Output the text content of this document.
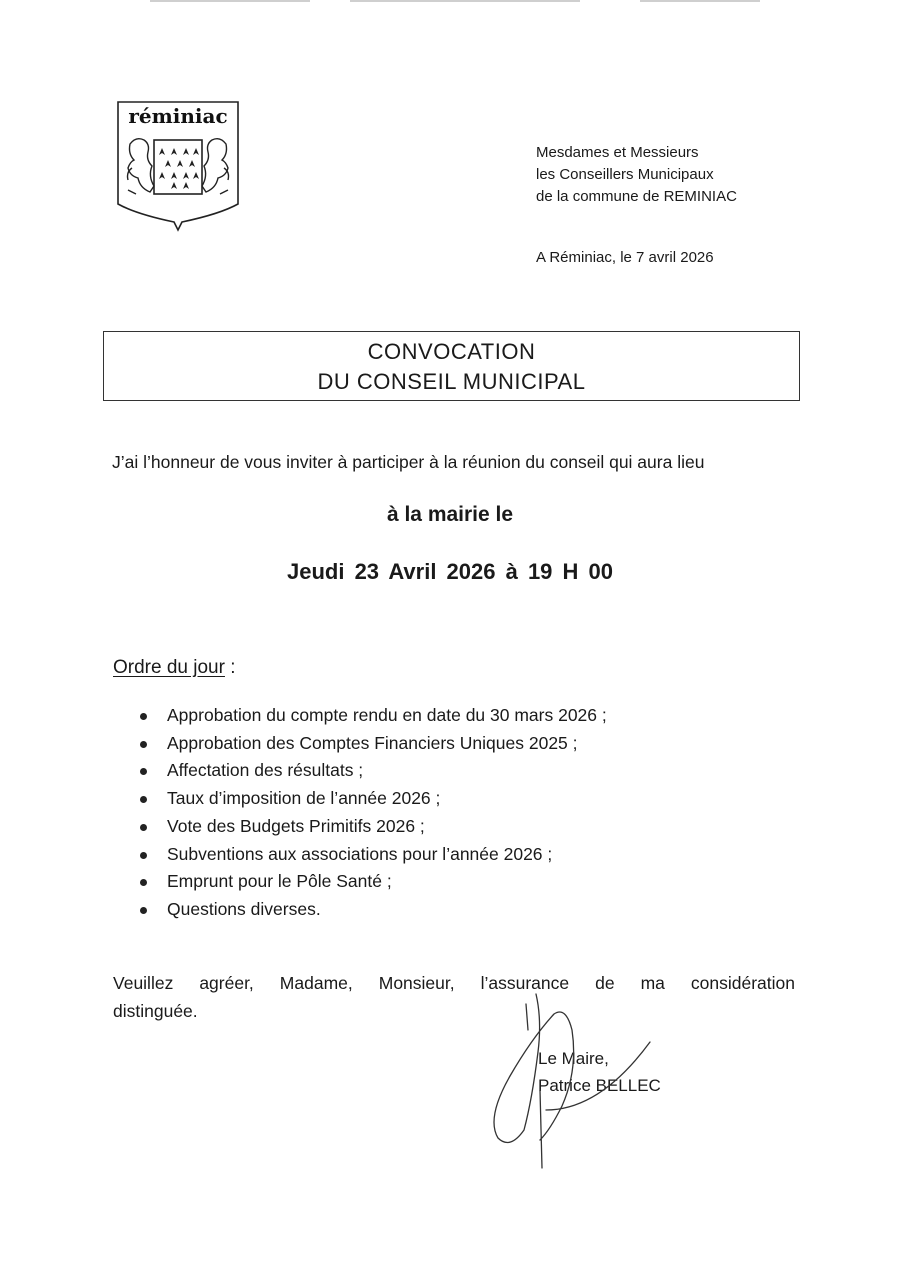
réminiac
Mesdames et Messieurs
les Conseillers Municipaux
de la commune de REMINIAC
A Réminiac, le 7 avril 2026
CONVOCATION
DU CONSEIL MUNICIPAL
J’ai l’honneur de vous inviter à participer à la réunion du conseil qui aura lieu
à la mairie le
Jeudi 23 Avril 2026 à 19 H 00
Ordre du jour :
Approbation du compte rendu en date du 30 mars 2026 ;
Approbation des Comptes Financiers Uniques 2025 ;
Affectation des résultats ;
Taux d’imposition de l’année 2026 ;
Vote des Budgets Primitifs 2026 ;
Subventions aux associations pour l’année 2026 ;
Emprunt pour le Pôle Santé ;
Questions diverses.
Veuillez agréer, Madame, Monsieur, l’assurance de ma considération
distinguée.
Le Maire,
Patrice BELLEC
